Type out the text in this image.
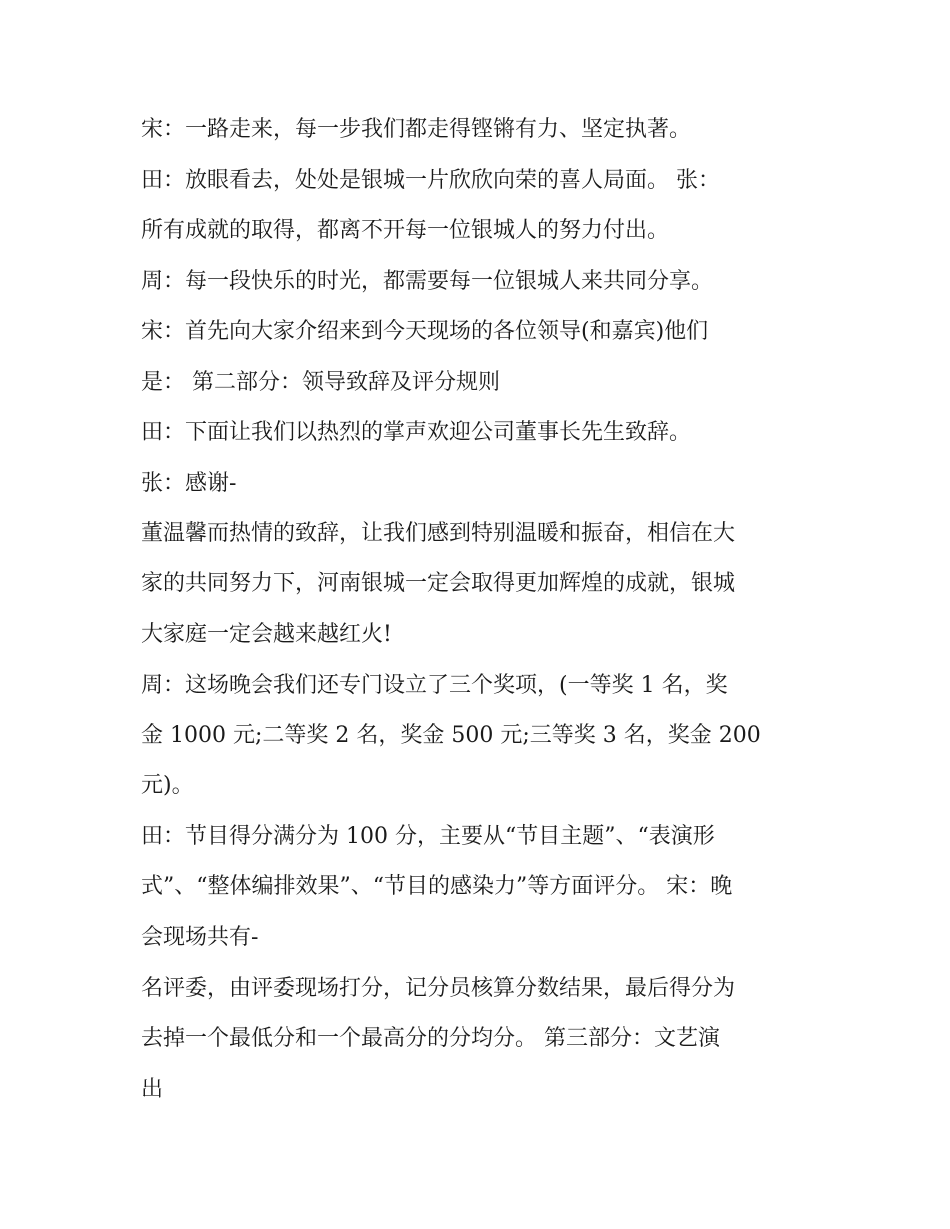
宋：一路走来，每一步我们都走得铿锵有力、坚定执著。
田：放眼看去，处处是银城一片欣欣向荣的喜人局面。 张：
所有成就的取得，都离不开每一位银城人的努力付出。
周：每一段快乐的时光，都需要每一位银城人来共同分享。
宋：首先向大家介绍来到今天现场的各位领导(和嘉宾)他们
是： 第二部分：领导致辞及评分规则
田：下面让我们以热烈的掌声欢迎公司董事长先生致辞。
张：感谢-
董温馨而热情的致辞，让我们感到特别温暖和振奋，相信在大
家的共同努力下，河南银城一定会取得更加辉煌的成就，银城
大家庭一定会越来越红火!
周：这场晚会我们还专门设立了三个奖项，(一等奖 1 名，奖
金 1000 元;二等奖 2 名，奖金 500 元;三等奖 3 名，奖金 200
元)。
田：节目得分满分为 100 分，主要从“节目主题”、“表演形
式”、“整体编排效果”、“节目的感染力”等方面评分。 宋：晚
会现场共有-
名评委，由评委现场打分，记分员核算分数结果，最后得分为
去掉一个最低分和一个最高分的分均分。 第三部分：文艺演
出
